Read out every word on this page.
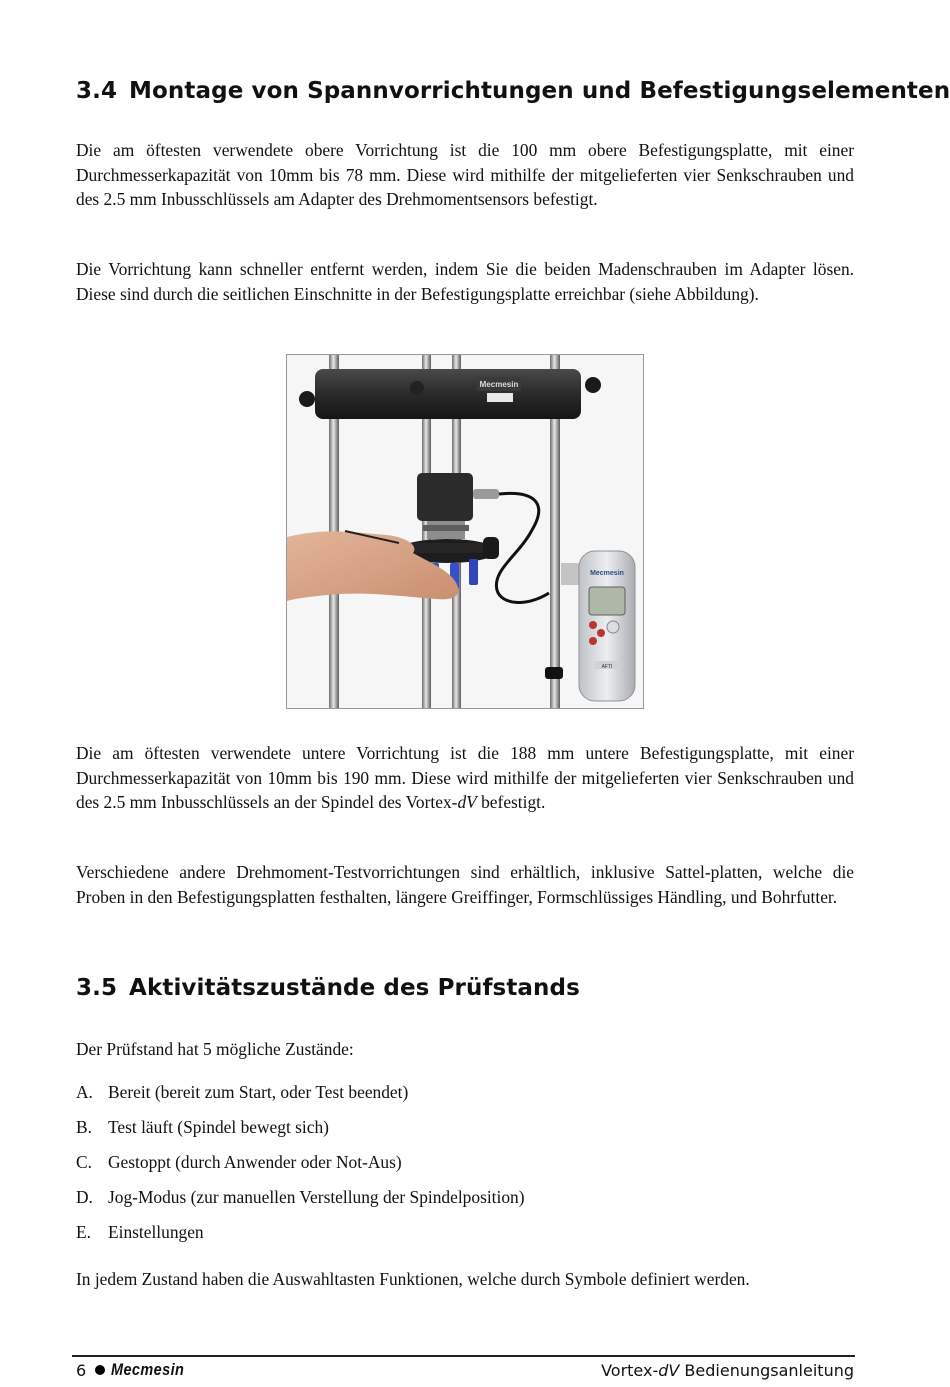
3.4 Montage von Spannvorrichtungen und Befestigungselementen

Die am öftesten verwendete obere Vorrichtung ist die 100 mm obere Befestigungsplatte, mit einer Durchmesserkapazität von 10mm bis 78 mm. Diese wird mithilfe der mitgelieferten vier Senkschrauben und des 2.5 mm Inbusschlüssels am Adapter des Drehmomentsensors befestigt.

Die Vorrichtung kann schneller entfernt werden, indem Sie die beiden Madenschrauben im Adapter lösen. Diese sind durch die seitlichen Einschnitte in der Befestigungsplatte erreichbar (siehe Abbildung).

Die am öftesten verwendete untere Vorrichtung ist die 188 mm untere Befestigungsplatte, mit einer Durchmesserkapazität von 10mm bis 190 mm. Diese wird mithilfe der mitgelieferten vier Senkschrauben und des 2.5 mm Inbusschlüssels an der Spindel des Vortex-dV befestigt.

Verschiedene andere Drehmoment-Testvorrichtungen sind erhältlich, inklusive Sattel-platten, welche die Proben in den Befestigungsplatten festhalten, längere Greiffinger, Formschlüssiges Händling, und Bohrfutter.

3.5 Aktivitätszustände des Prüfstands

Der Prüfstand hat 5 mögliche Zustände:

A. Bereit (bereit zum Start, oder Test beendet)
B. Test läuft (Spindel bewegt sich)
C. Gestoppt (durch Anwender oder Not-Aus)
D. Jog-Modus (zur manuellen Verstellung der Spindelposition)
E. Einstellungen

In jedem Zustand haben die Auswahltasten Funktionen, welche durch Symbole definiert werden.

Mecmesin
Mecmesin
AFTI
6 Mecmesin	Vortex-dV Bedienungsanleitung
